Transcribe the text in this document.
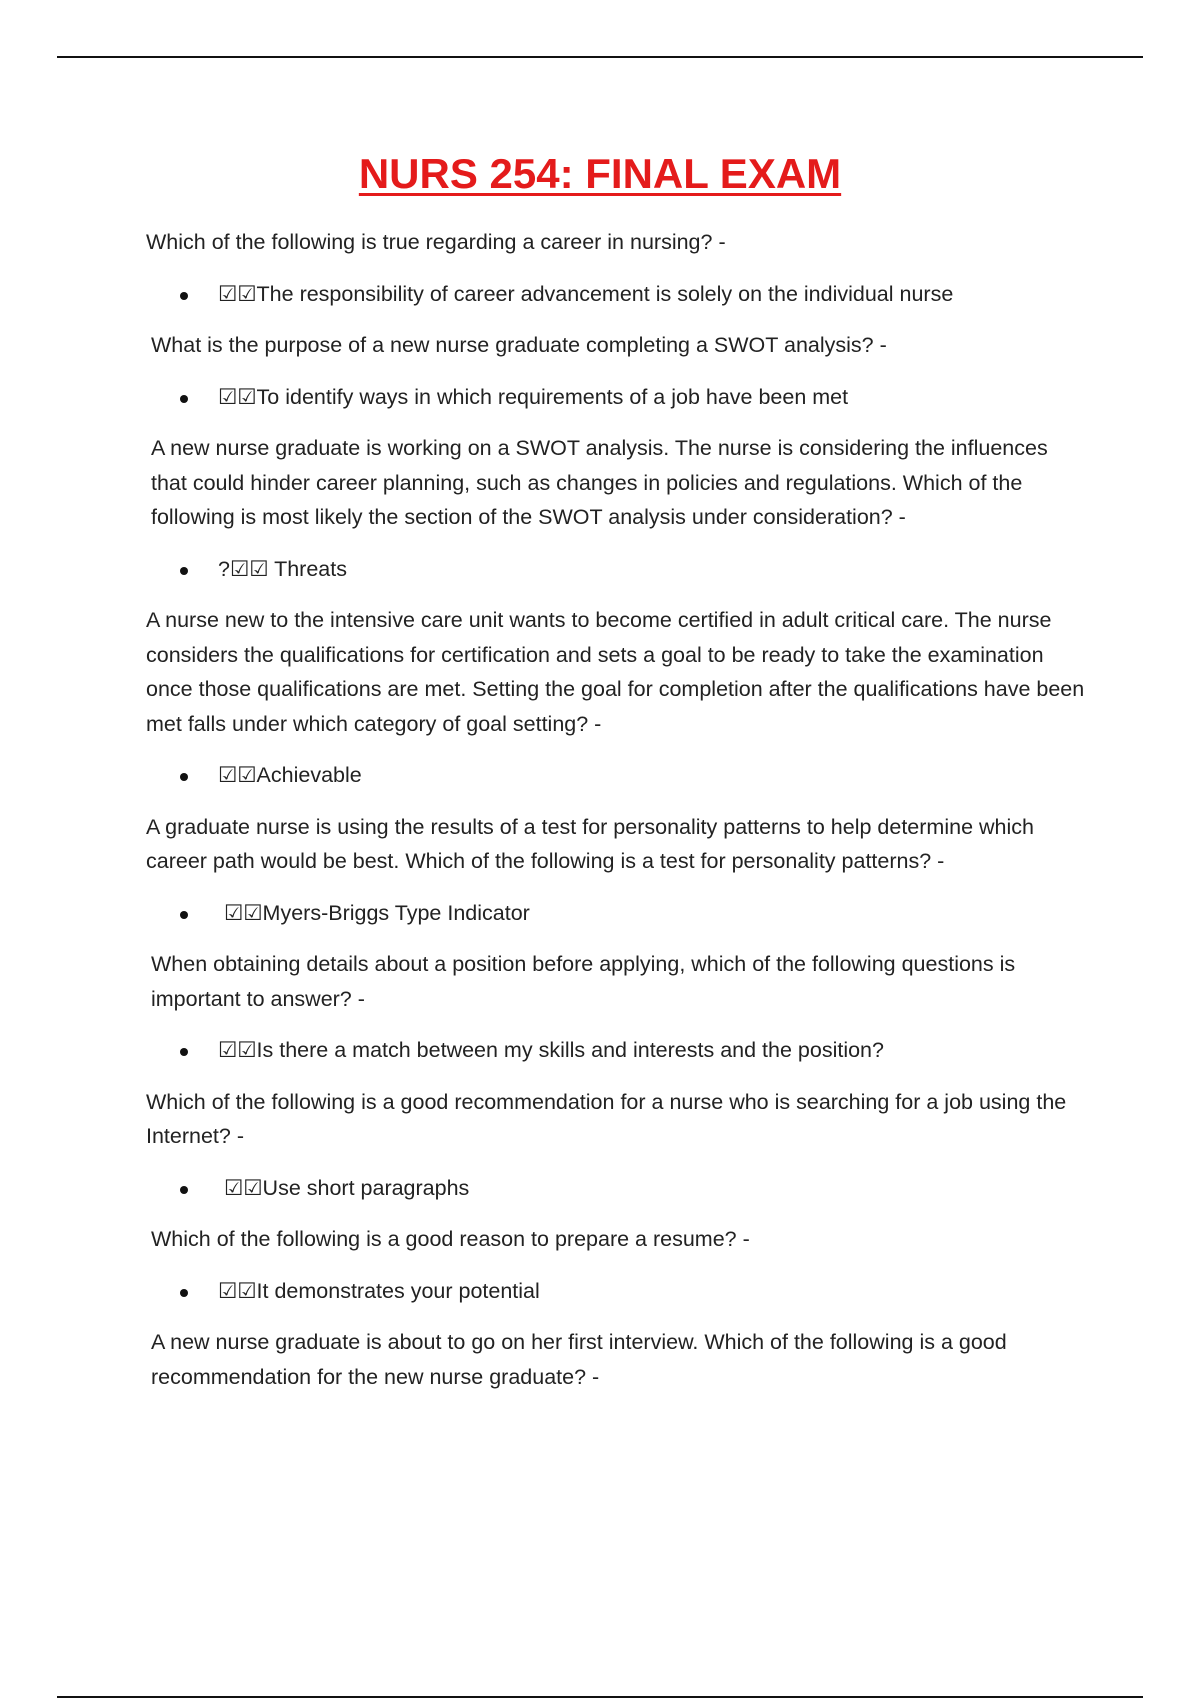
NURS 254: FINAL EXAM

Which of the following is true regarding a career in nursing? -

☑☑The responsibility of career advancement is solely on the individual nurse

What is the purpose of a new nurse graduate completing a SWOT analysis? -

☑☑To identify ways in which requirements of a job have been met

A new nurse graduate is working on a SWOT analysis. The nurse is considering the influences that could hinder career planning, such as changes in policies and regulations. Which of the following is most likely the section of the SWOT analysis under consideration? -

?☑☑ Threats

A nurse new to the intensive care unit wants to become certified in adult critical care. The nurse considers the qualifications for certification and sets a goal to be ready to take the examination once those qualifications are met. Setting the goal for completion after the qualifications have been met falls under which category of goal setting? -

☑☑Achievable

A graduate nurse is using the results of a test for personality patterns to help determine which career path would be best. Which of the following is a test for personality patterns? -

☑☑Myers-Briggs Type Indicator

When obtaining details about a position before applying, which of the following questions is important to answer? -

☑☑Is there a match between my skills and interests and the position?

Which of the following is a good recommendation for a nurse who is searching for a job using the Internet? -

☑☑Use short paragraphs

Which of the following is a good reason to prepare a resume? -

☑☑It demonstrates your potential

A new nurse graduate is about to go on her first interview. Which of the following is a good recommendation for the new nurse graduate? -
